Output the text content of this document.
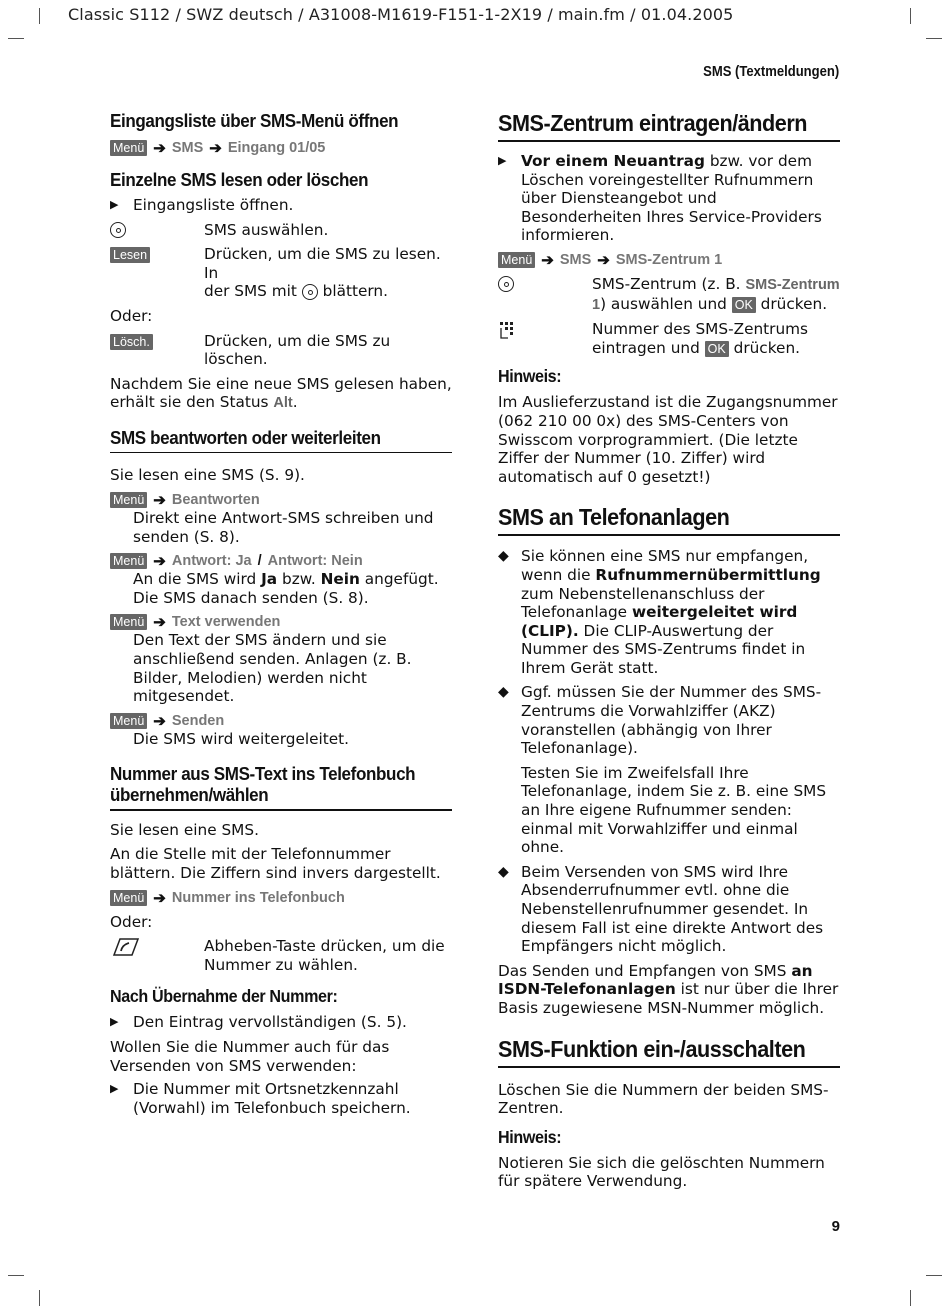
Classic S112 / SWZ deutsch / A31008-M1619-F151-1-2X19 / main.fm / 01.04.2005
SMS (Textmeldungen)
9
Eingangsliste über SMS-Menü öffnen
Menü ➔ SMS ➔ Eingang 01/05
Einzelne SMS lesen oder löschen
▶ Eingangsliste öffnen.
SMS auswählen.
Lesen	Drücken, um die SMS zu lesen. In
der SMS mit blättern.
Oder:
Lösch.	Drücken, um die SMS zu löschen.
Nachdem Sie eine neue SMS gelesen haben, erhält sie den Status Alt.
SMS beantworten oder weiterleiten
Sie lesen eine SMS (S. 9).
Menü ➔ Beantworten
Direkt eine Antwort-SMS schreiben und senden (S. 8).
Menü ➔ Antwort: Ja / Antwort: Nein
An die SMS wird Ja bzw. Nein angefügt. Die SMS danach senden (S. 8).
Menü ➔ Text verwenden
Den Text der SMS ändern und sie anschließend senden. Anlagen (z. B. Bilder, Melodien) werden nicht mitgesendet.
Menü ➔ Senden
Die SMS wird weitergeleitet.
Nummer aus SMS-Text ins Telefonbuch
übernehmen/wählen
Sie lesen eine SMS.
An die Stelle mit der Telefonnummer blättern. Die Ziffern sind invers dargestellt.
Menü ➔ Nummer ins Telefonbuch
Oder:
Abheben-Taste drücken, um die Nummer zu wählen.
Nach Übernahme der Nummer:
▶ Den Eintrag vervollständigen (S. 5).
Wollen Sie die Nummer auch für das Versenden von SMS verwenden:
▶ Die Nummer mit Ortsnetzkennzahl (Vorwahl) im Telefonbuch speichern.
SMS-Zentrum eintragen/ändern
▶ Vor einem Neuantrag bzw. vor dem Löschen voreingestellter Rufnummern über Diensteangebot und Besonderheiten Ihres Service-Providers informieren.
Menü ➔ SMS ➔ SMS-Zentrum 1
SMS-Zentrum (z. B. SMS-Zentrum 1) auswählen und OK drücken.
Nummer des SMS-Zentrums eintragen und OK drücken.
Hinweis:
Im Auslieferzustand ist die Zugangsnummer (062 210 00 0x) des SMS-Centers von Swisscom vorprogrammiert. (Die letzte Ziffer der Nummer (10. Ziffer) wird automatisch auf 0 gesetzt!)
SMS an Telefonanlagen
◆ Sie können eine SMS nur empfangen, wenn die Rufnummernübermittlung zum Nebenstellenanschluss der Telefonanlage weitergeleitet wird (CLIP). Die CLIP-Auswertung der Nummer des SMS-Zentrums findet in Ihrem Gerät statt.
◆ Ggf. müssen Sie der Nummer des SMS-Zentrums die Vorwahlziffer (AKZ) voranstellen (abhängig von Ihrer Telefonanlage).
Testen Sie im Zweifelsfall Ihre Telefonanlage, indem Sie z. B. eine SMS an Ihre eigene Rufnummer senden: einmal mit Vorwahlziffer und einmal ohne.
◆ Beim Versenden von SMS wird Ihre Absenderrufnummer evtl. ohne die Nebenstellenrufnummer gesendet. In diesem Fall ist eine direkte Antwort des Empfängers nicht möglich.
Das Senden und Empfangen von SMS an ISDN-Telefonanlagen ist nur über die Ihrer Basis zugewiesene MSN-Nummer möglich.
SMS-Funktion ein-/ausschalten
Löschen Sie die Nummern der beiden SMS-Zentren.
Hinweis:
Notieren Sie sich die gelöschten Nummern für spätere Verwendung.
